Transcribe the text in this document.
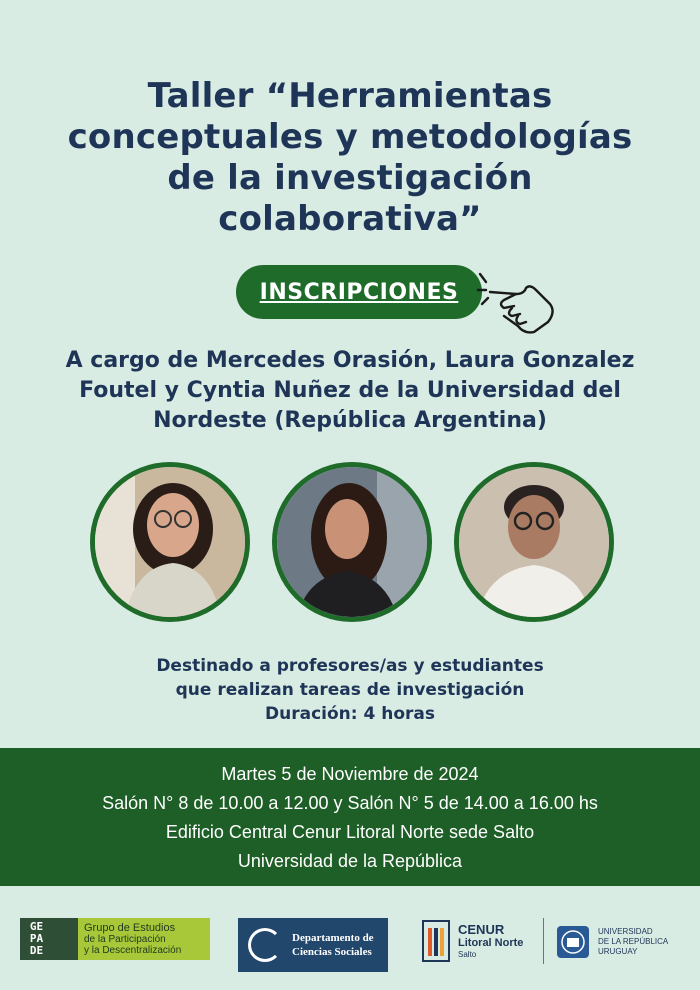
Taller “Herramientas conceptuales y metodologías de la investigación colaborativa”
INSCRIPCIONES
A cargo de Mercedes Orasión, Laura Gonzalez Foutel y Cyntia Nuñez de la Universidad del Nordeste (República Argentina)
Destinado a profesores/as y estudiantes
que realizan tareas de investigación
Duración: 4 horas
Martes 5 de Noviembre de 2024
Salón N° 8 de 10.00 a 12.00 y Salón N° 5 de 14.00 a 16.00 hs
Edificio Central Cenur Litoral Norte sede Salto
Universidad de la República
GE
PA
DE
Grupo de Estudios
de la Participación
y la Descentralización
Departamento de
Ciencias Sociales
CENUR
Litoral Norte
Salto
UNIVERSIDAD
DE LA REPÚBLICA
URUGUAY
